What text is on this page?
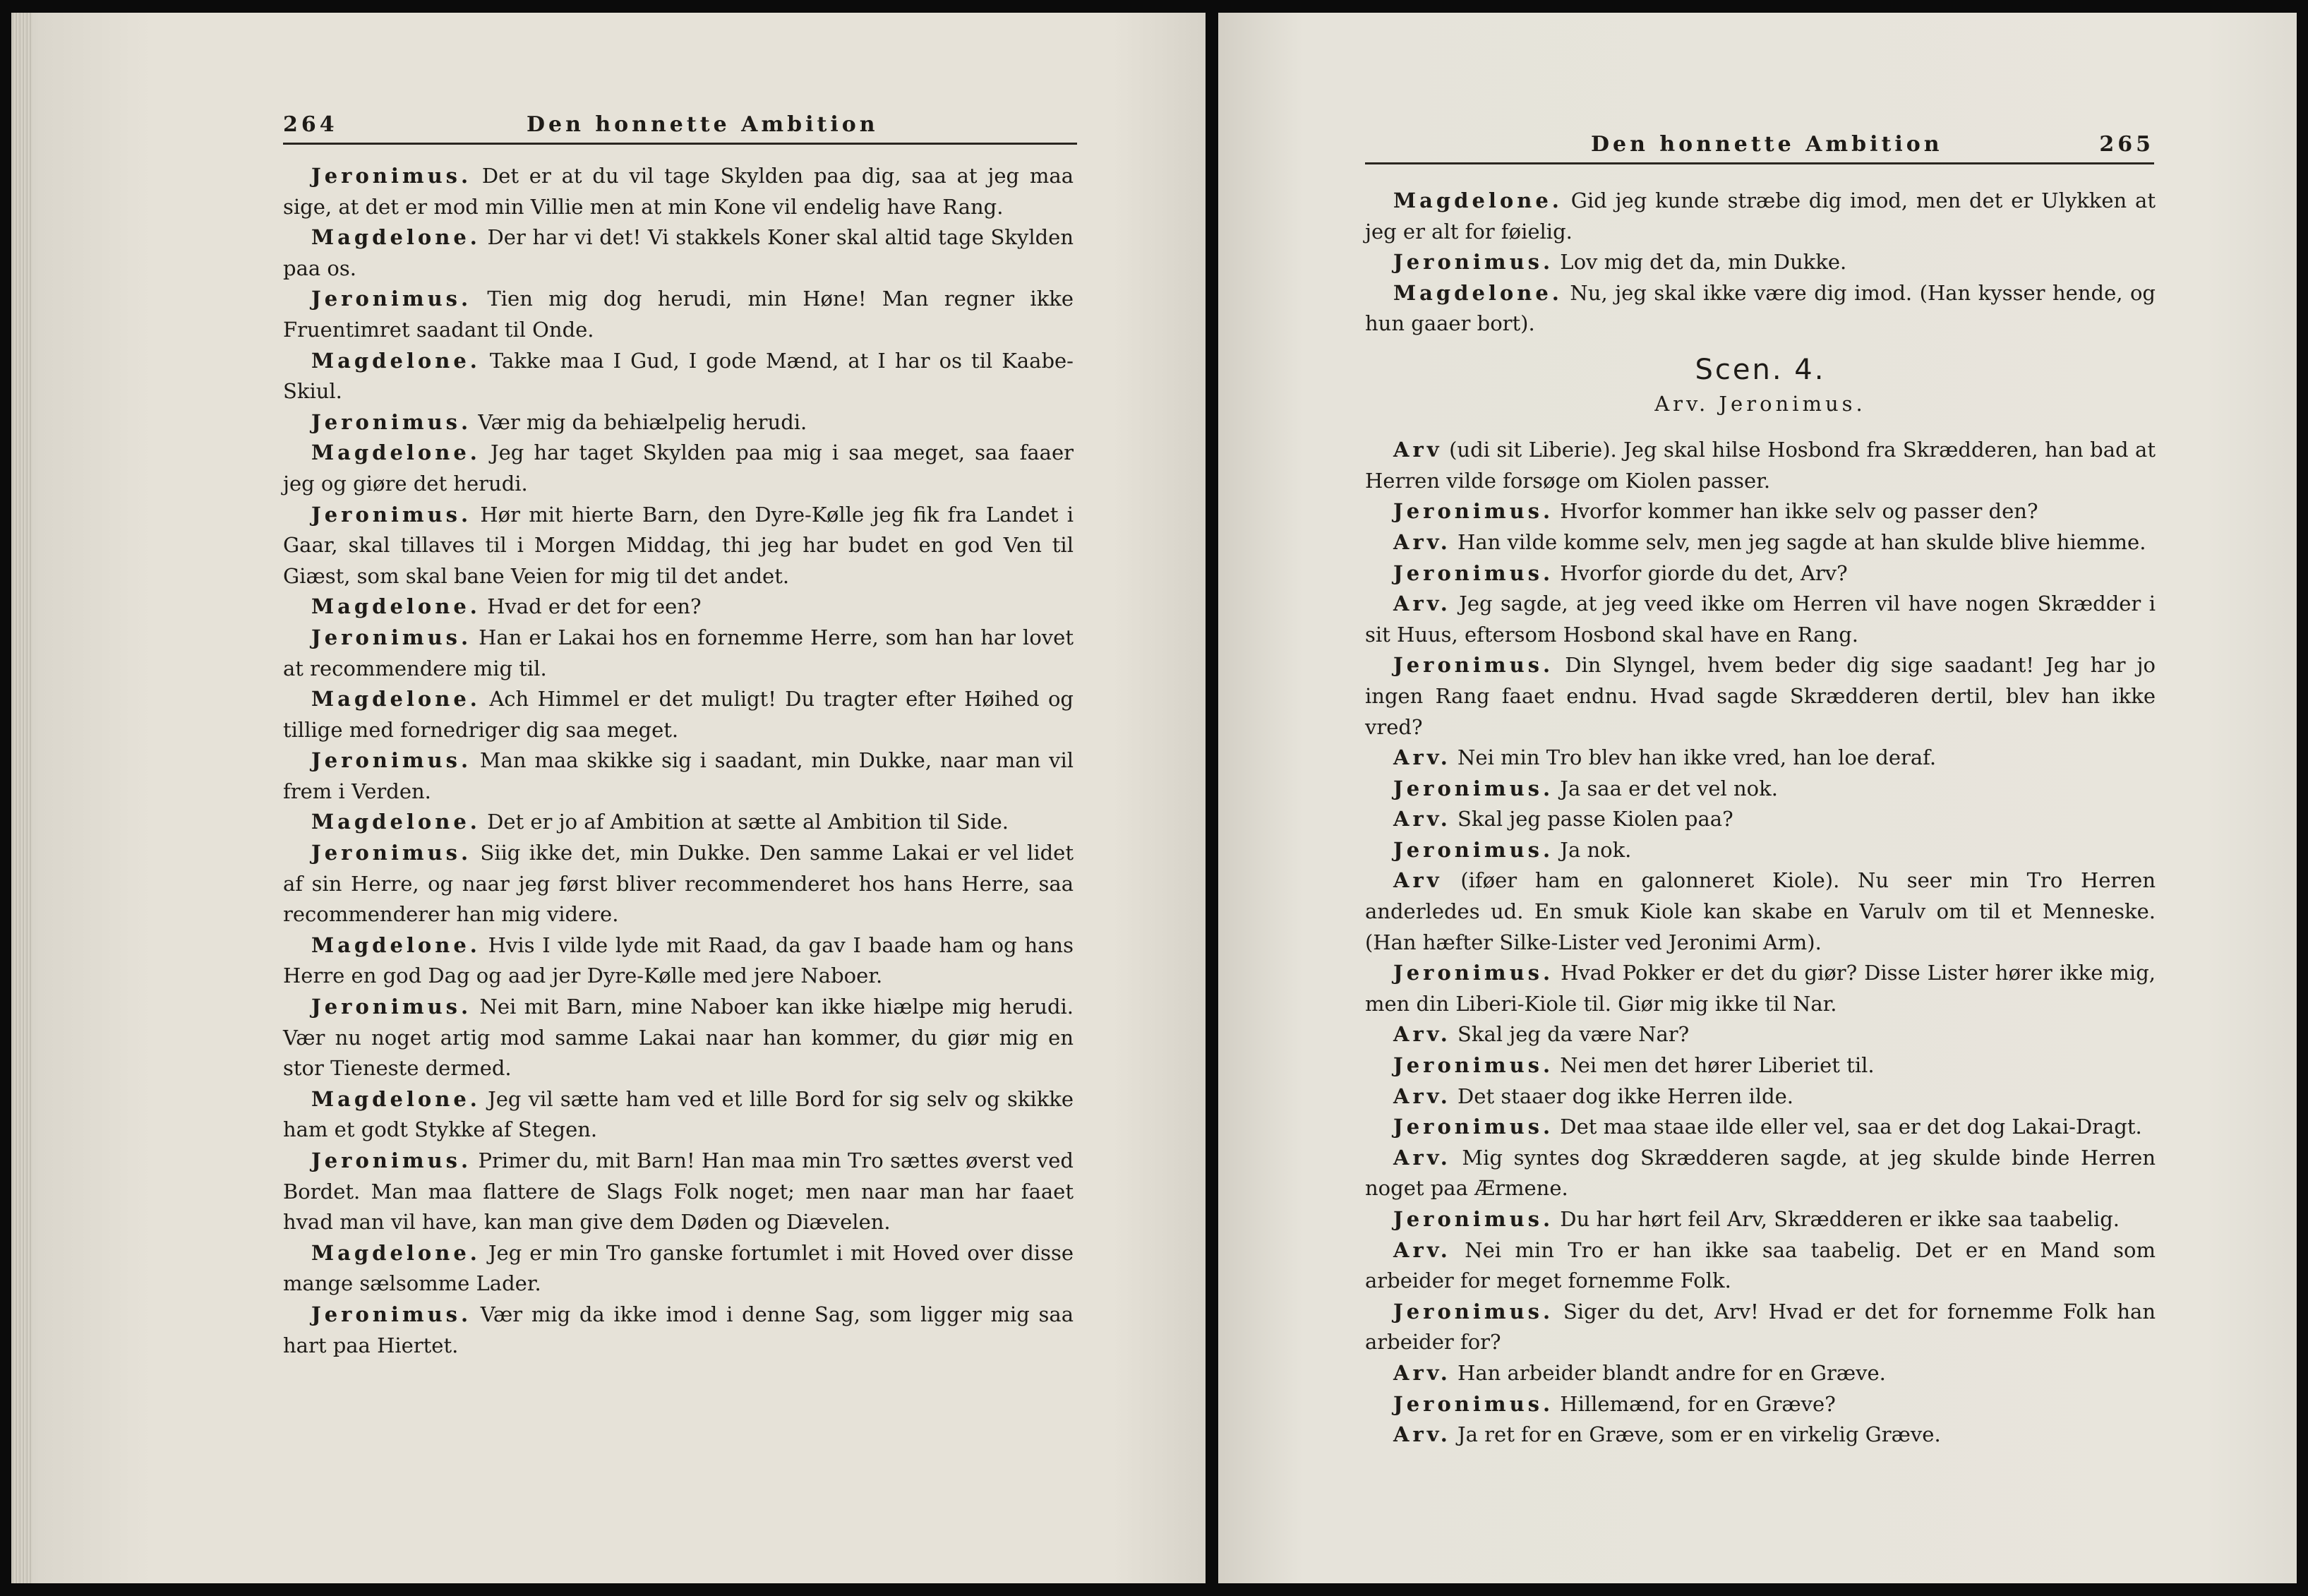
264	Den honnette Ambition

Jeronimus. Det er at du vil tage Skylden paa dig, saa at jeg maa sige, at det er mod min Villie men at min Kone vil endelig have Rang.

Magdelone. Der har vi det! Vi stakkels Koner skal altid tage Skylden paa os.

Jeronimus. Tien mig dog herudi, min Høne! Man regner ikke Fruentimret saadant til Onde.

Magdelone. Takke maa I Gud, I gode Mænd, at I har os til Kaabe-Skiul.

Jeronimus. Vær mig da behiælpelig herudi.

Magdelone. Jeg har taget Skylden paa mig i saa meget, saa faaer jeg og giøre det herudi.

Jeronimus. Hør mit hierte Barn, den Dyre-Kølle jeg fik fra Landet i Gaar, skal tillaves til i Morgen Middag, thi jeg har budet en god Ven til Giæst, som skal bane Veien for mig til det andet.

Magdelone. Hvad er det for een?

Jeronimus. Han er Lakai hos en fornemme Herre, som han har lovet at recommendere mig til.

Magdelone. Ach Himmel er det muligt! Du tragter efter Høihed og tillige med fornedriger dig saa meget.

Jeronimus. Man maa skikke sig i saadant, min Dukke, naar man vil frem i Verden.

Magdelone. Det er jo af Ambition at sætte al Ambition til Side.

Jeronimus. Siig ikke det, min Dukke. Den samme Lakai er vel lidet af sin Herre, og naar jeg først bliver recommenderet hos hans Herre, saa recommenderer han mig videre.

Magdelone. Hvis I vilde lyde mit Raad, da gav I baade ham og hans Herre en god Dag og aad jer Dyre-Kølle med jere Naboer.

Jeronimus. Nei mit Barn, mine Naboer kan ikke hiælpe mig herudi. Vær nu noget artig mod samme Lakai naar han kommer, du giør mig en stor Tieneste dermed.

Magdelone. Jeg vil sætte ham ved et lille Bord for sig selv og skikke ham et godt Stykke af Stegen.

Jeronimus. Primer du, mit Barn! Han maa min Tro sættes øverst ved Bordet. Man maa flattere de Slags Folk noget; men naar man har faaet hvad man vil have, kan man give dem Døden og Diævelen.

Magdelone. Jeg er min Tro ganske fortumlet i mit Hoved over disse mange sælsomme Lader.

Jeronimus. Vær mig da ikke imod i denne Sag, som ligger mig saa hart paa Hiertet.

Den honnette Ambition	265

Magdelone. Gid jeg kunde stræbe dig imod, men det er Ulykken at jeg er alt for føielig.

Jeronimus. Lov mig det da, min Dukke.

Magdelone. Nu, jeg skal ikke være dig imod. (Han kysser hende, og hun gaaer bort).

Scen. 4.
Arv. Jeronimus.

Arv (udi sit Liberie). Jeg skal hilse Hosbond fra Skrædderen, han bad at Herren vilde forsøge om Kiolen passer.

Jeronimus. Hvorfor kommer han ikke selv og passer den?

Arv. Han vilde komme selv, men jeg sagde at han skulde blive hiemme.

Jeronimus. Hvorfor giorde du det, Arv?

Arv. Jeg sagde, at jeg veed ikke om Herren vil have nogen Skrædder i sit Huus, eftersom Hosbond skal have en Rang.

Jeronimus. Din Slyngel, hvem beder dig sige saadant! Jeg har jo ingen Rang faaet endnu. Hvad sagde Skrædderen dertil, blev han ikke vred?

Arv. Nei min Tro blev han ikke vred, han loe deraf.

Jeronimus. Ja saa er det vel nok.

Arv. Skal jeg passe Kiolen paa?

Jeronimus. Ja nok.

Arv (iføer ham en galonneret Kiole). Nu seer min Tro Herren anderledes ud. En smuk Kiole kan skabe en Varulv om til et Menneske. (Han hæfter Silke-Lister ved Jeronimi Arm).

Jeronimus. Hvad Pokker er det du giør? Disse Lister hører ikke mig, men din Liberi-Kiole til. Giør mig ikke til Nar.

Arv. Skal jeg da være Nar?

Jeronimus. Nei men det hører Liberiet til.

Arv. Det staaer dog ikke Herren ilde.

Jeronimus. Det maa staae ilde eller vel, saa er det dog Lakai-Dragt.

Arv. Mig syntes dog Skrædderen sagde, at jeg skulde binde Herren noget paa Ærmene.

Jeronimus. Du har hørt feil Arv, Skrædderen er ikke saa taabelig.

Arv. Nei min Tro er han ikke saa taabelig. Det er en Mand som arbeider for meget fornemme Folk.

Jeronimus. Siger du det, Arv! Hvad er det for fornemme Folk han arbeider for?

Arv. Han arbeider blandt andre for en Græve.

Jeronimus. Hillemænd, for en Græve?

Arv. Ja ret for en Græve, som er en virkelig Græve.
